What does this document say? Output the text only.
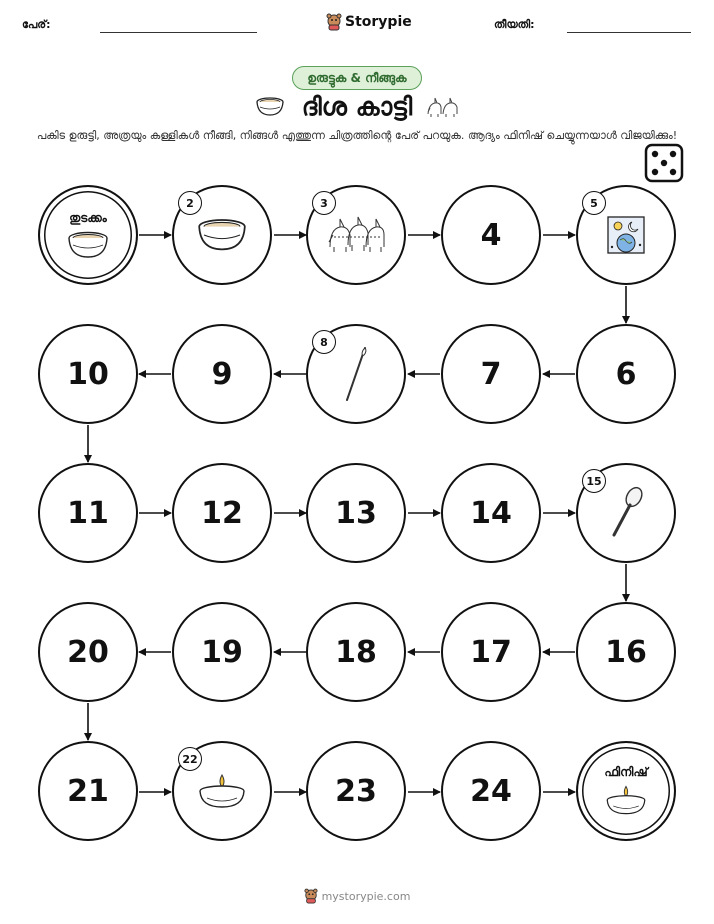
പേര്:	Storypie	തീയതി:
ഉരുട്ടുക & നീങ്ങുക
ദിശ കാട്ടി
പകിട ഉരുട്ടി, അത്രയും കള്ളികൾ നീങ്ങി, നിങ്ങൾ എത്തുന്ന ചിത്രത്തിന്റെ പേര് പറയുക. ആദ്യം ഫിനിഷ് ചെയ്യുന്നയാൾ വിജയിക്കും!
തുടക്കം
2	3
4
5
10	9
8
7	6
11	12	13	14
15
20	19	18	17	16
21
22
23	24
ഫിനിഷ്
mystorypie.com
